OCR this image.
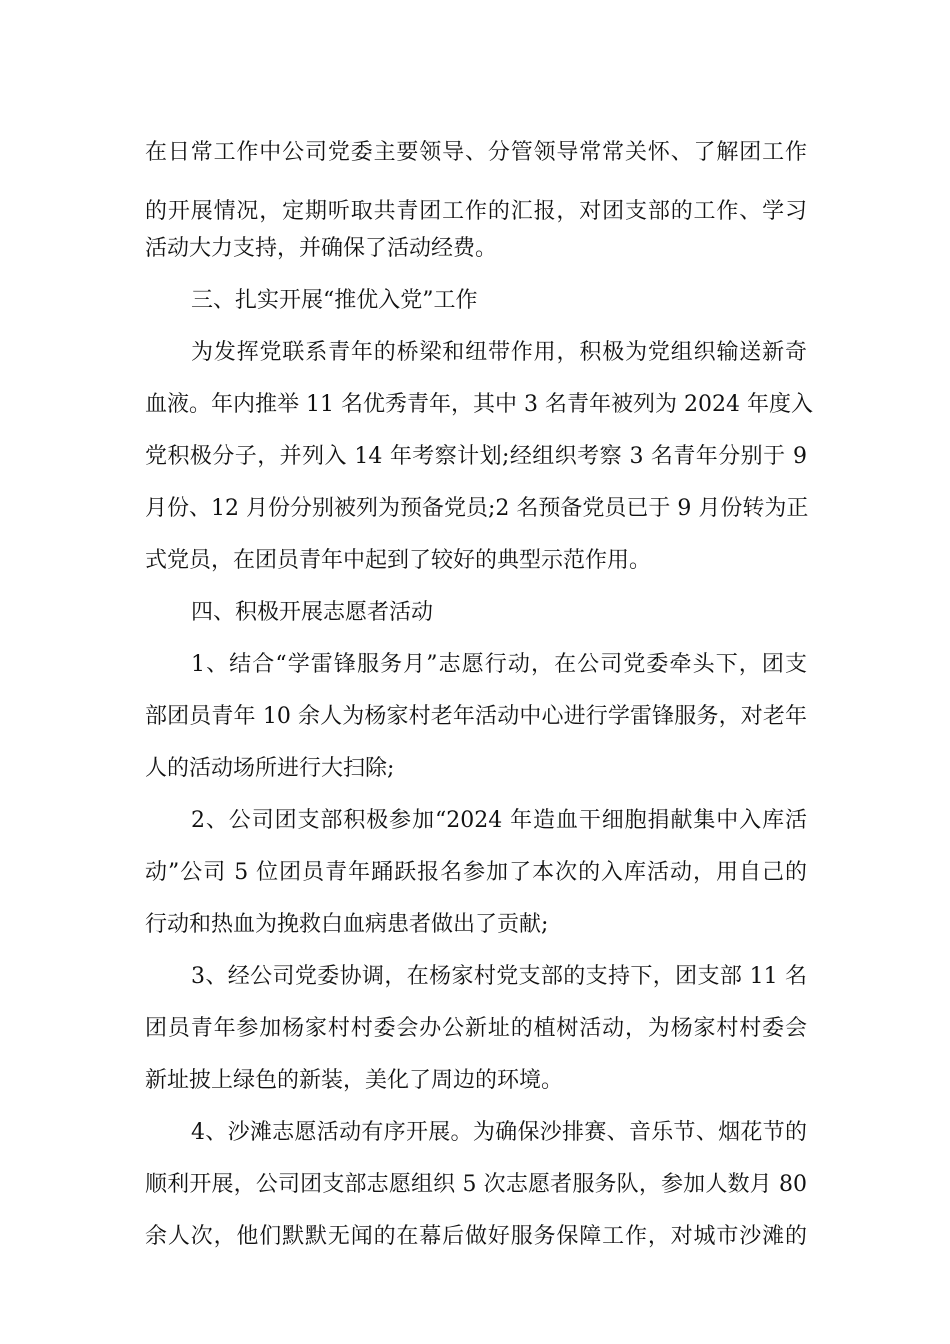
在日常工作中公司党委主要领导、分管领导常常关怀、了解团工作
的开展情况，定期听取共青团工作的汇报，对团支部的工作、学习
活动大力支持，并确保了活动经费。
三、扎实开展“推优入党”工作
为发挥党联系青年的桥梁和纽带作用，积极为党组织输送新奇
血液。年内推举 11 名优秀青年，其中 3 名青年被列为 2024 年度入
党积极分子，并列入 14 年考察计划;经组织考察 3 名青年分别于 9
月份、12 月份分别被列为预备党员;2 名预备党员已于 9 月份转为正
式党员，在团员青年中起到了较好的典型示范作用。
四、积极开展志愿者活动
1、结合“学雷锋服务月”志愿行动，在公司党委牵头下，团支
部团员青年 10 余人为杨家村老年活动中心进行学雷锋服务，对老年
人的活动场所进行大扫除;
2、公司团支部积极参加“2024 年造血干细胞捐献集中入库活
动”公司 5 位团员青年踊跃报名参加了本次的入库活动，用自己的
行动和热血为挽救白血病患者做出了贡献;
3、经公司党委协调，在杨家村党支部的支持下，团支部 11 名
团员青年参加杨家村村委会办公新址的植树活动，为杨家村村委会
新址披上绿色的新装，美化了周边的环境。
4、沙滩志愿活动有序开展。为确保沙排赛、音乐节、烟花节的
顺利开展，公司团支部志愿组织 5 次志愿者服务队，参加人数月 80
余人次，他们默默无闻的在幕后做好服务保障工作，对城市沙滩的
